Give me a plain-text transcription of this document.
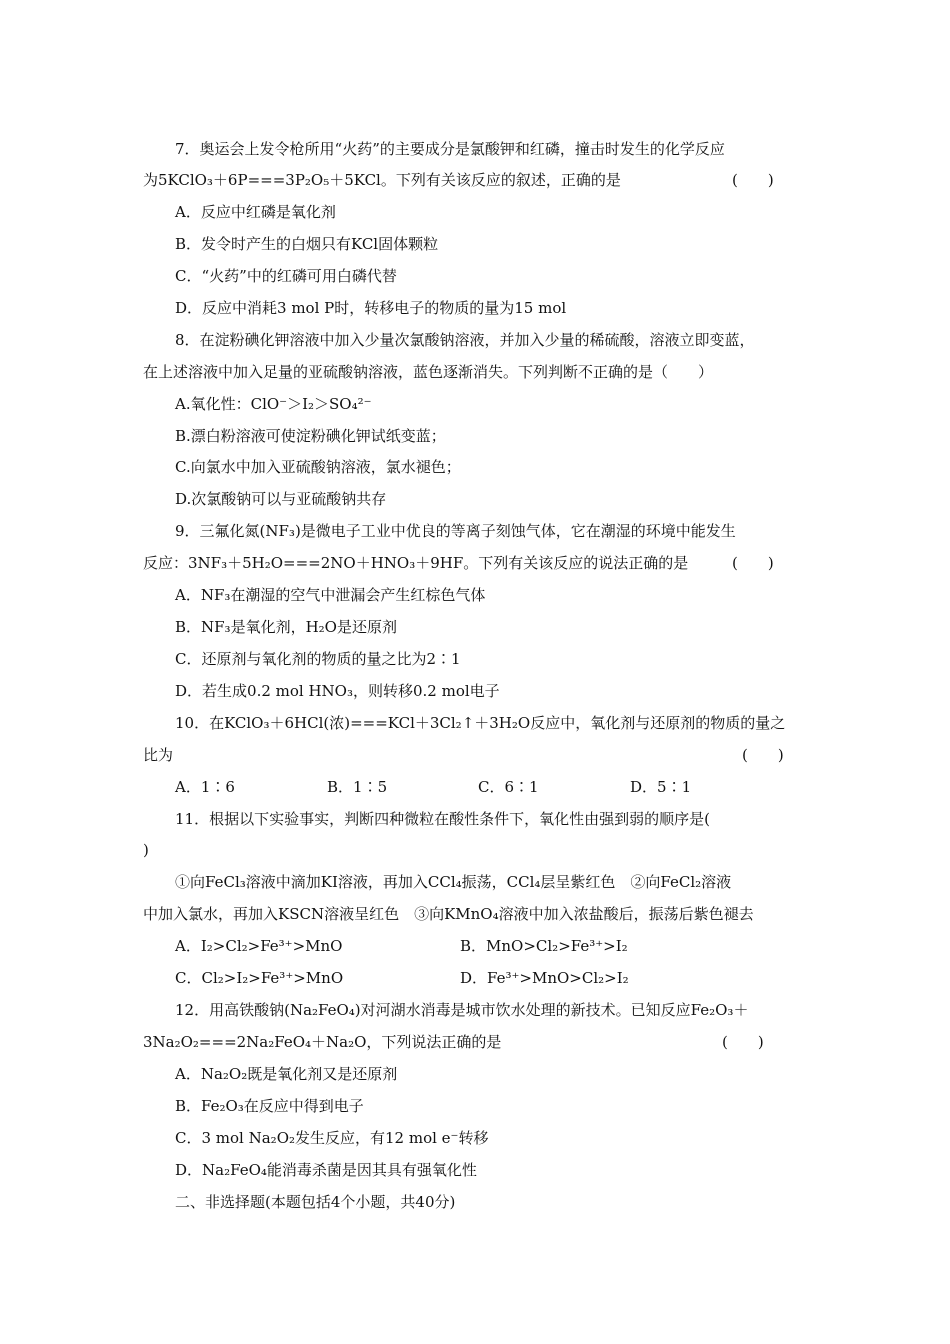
7．奥运会上发令枪所用“火药”的主要成分是氯酸钾和红磷，撞击时发生的化学反应
为5KClO₃＋6P===3P₂O₅＋5KCl。下列有关该反应的叙述，正确的是	(　　)
A．反应中红磷是氧化剂
B．发令时产生的白烟只有KCl固体颗粒
C．“火药”中的红磷可用白磷代替
D．反应中消耗3 mol P时，转移电子的物质的量为15 mol
8．在淀粉碘化钾溶液中加入少量次氯酸钠溶液，并加入少量的稀硫酸，溶液立即变蓝，
在上述溶液中加入足量的亚硫酸钠溶液，蓝色逐渐消失。下列判断不正确的是（　　）
A.氧化性：ClO⁻＞I₂＞SO₄²⁻
B.漂白粉溶液可使淀粉碘化钾试纸变蓝；
C.向氯水中加入亚硫酸钠溶液，氯水褪色；
D.次氯酸钠可以与亚硫酸钠共存
9．三氟化氮(NF₃)是微电子工业中优良的等离子刻蚀气体，它在潮湿的环境中能发生
反应：3NF₃＋5H₂O===2NO＋HNO₃＋9HF。下列有关该反应的说法正确的是	(　　)
A．NF₃在潮湿的空气中泄漏会产生红棕色气体
B．NF₃是氧化剂，H₂O是还原剂
C．还原剂与氧化剂的物质的量之比为2∶1
D．若生成0.2 mol HNO₃，则转移0.2 mol电子
10．在KClO₃＋6HCl(浓)===KCl＋3Cl₂↑＋3H₂O反应中，氧化剂与还原剂的物质的量之
比为	(　　)
A．1∶6	B．1∶5	C．6∶1	D．5∶1
11．根据以下实验事实，判断四种微粒在酸性条件下，氧化性由强到弱的顺序是(
)
①向FeCl₃溶液中滴加KI溶液，再加入CCl₄振荡，CCl₄层呈紫红色　②向FeCl₂溶液
中加入氯水，再加入KSCN溶液呈红色　③向KMnO₄溶液中加入浓盐酸后，振荡后紫色褪去
A．I₂>Cl₂>Fe³⁺>MnO	B．MnO>Cl₂>Fe³⁺>I₂
C．Cl₂>I₂>Fe³⁺>MnO	D．Fe³⁺>MnO>Cl₂>I₂
12．用高铁酸钠(Na₂FeO₄)对河湖水消毒是城市饮水处理的新技术。已知反应Fe₂O₃＋
3Na₂O₂===2Na₂FeO₄＋Na₂O，下列说法正确的是	(　　)
A．Na₂O₂既是氧化剂又是还原剂
B．Fe₂O₃在反应中得到电子
C．3 mol Na₂O₂发生反应，有12 mol e⁻转移
D．Na₂FeO₄能消毒杀菌是因其具有强氧化性
二、非选择题(本题包括4个小题，共40分)
